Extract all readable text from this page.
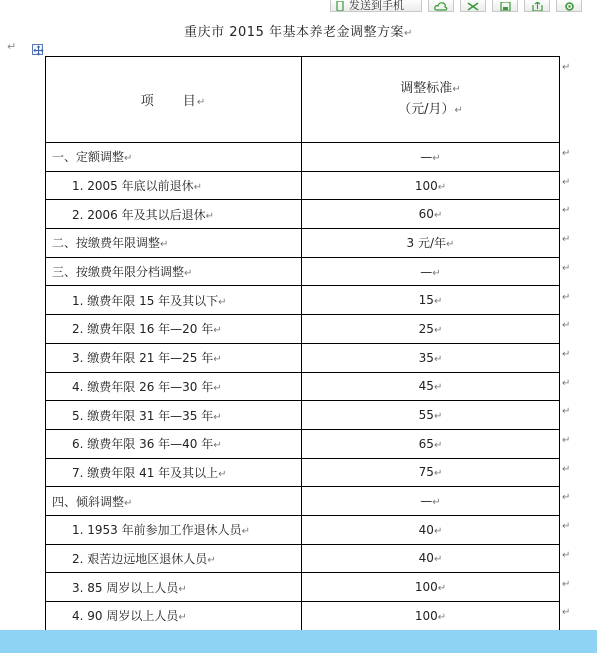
发送到手机
重庆市 2015 年基本养老金调整方案↵
↵
项　　目↵	调整标准↵
（元/月）↵

一、定额调整↵	—↵
1. 2005 年底以前退休↵	100↵
2. 2006 年及其以后退休↵	60↵
二、按缴费年限调整↵	3 元/年↵
三、按缴费年限分档调整↵	—↵
1. 缴费年限 15 年及其以下↵	15↵
2. 缴费年限 16 年—20 年↵	25↵
3. 缴费年限 21 年—25 年↵	35↵
4. 缴费年限 26 年—30 年↵	45↵
5. 缴费年限 31 年—35 年↵	55↵
6. 缴费年限 36 年—40 年↵	65↵
7. 缴费年限 41 年及其以上↵	75↵
四、倾斜调整↵	—↵
1. 1953 年前参加工作退休人员↵	40↵
2. 艰苦边远地区退休人员↵	40↵
3. 85 周岁以上人员↵	100↵
4. 90 周岁以上人员↵	100↵
↵
↵
↵
↵
↵
↵
↵
↵
↵
↵
↵
↵
↵
↵
↵
↵
↵
↵
